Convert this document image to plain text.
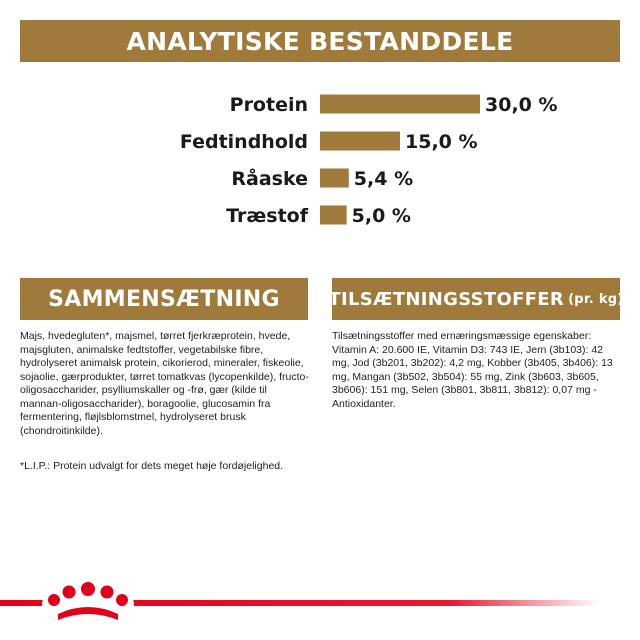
ANALYTISKE BESTANDDELE
Protein	30,0 %
Fedtindhold	15,0 %
Råaske 5,4 %
Træstof 5,0 %
SAMMENSÆTNING	TILSÆTNINGSSTOFFER (pr. kg)
Majs, hvedegluten*, majsmel, tørret fjerkræprotein, hvede, majsgluten, animalske fedtstoffer, vegetabilske fibre, hydrolyseret animalsk protein, cikorierod, mineraler, fiskeolie, sojaolie, gærprodukter, tørret tomatkvas (lycopenkilde), fructo-oligosaccharider, psylliumskaller og -frø, gær (kilde til mannan-oligosaccharider), boragoolie, glucosamin fra fermentering, fløjlsblomstmel, hydrolyseret brusk (chondroitinkilde).
*L.I.P.: Protein udvalgt for dets meget høje fordøjelighed.
Tilsætningsstoffer med ernæringsmæssige egenskaber: Vitamin A: 20.600 IE, Vitamin D3: 743 IE, Jern (3b103): 42 mg, Jod (3b201, 3b202): 4,2 mg, Kobber (3b405, 3b406): 13 mg, Mangan (3b502, 3b504): 55 mg, Zink (3b603, 3b605, 3b606): 151 mg, Selen (3b801, 3b811, 3b812): 0,07 mg - Antioxidanter.
